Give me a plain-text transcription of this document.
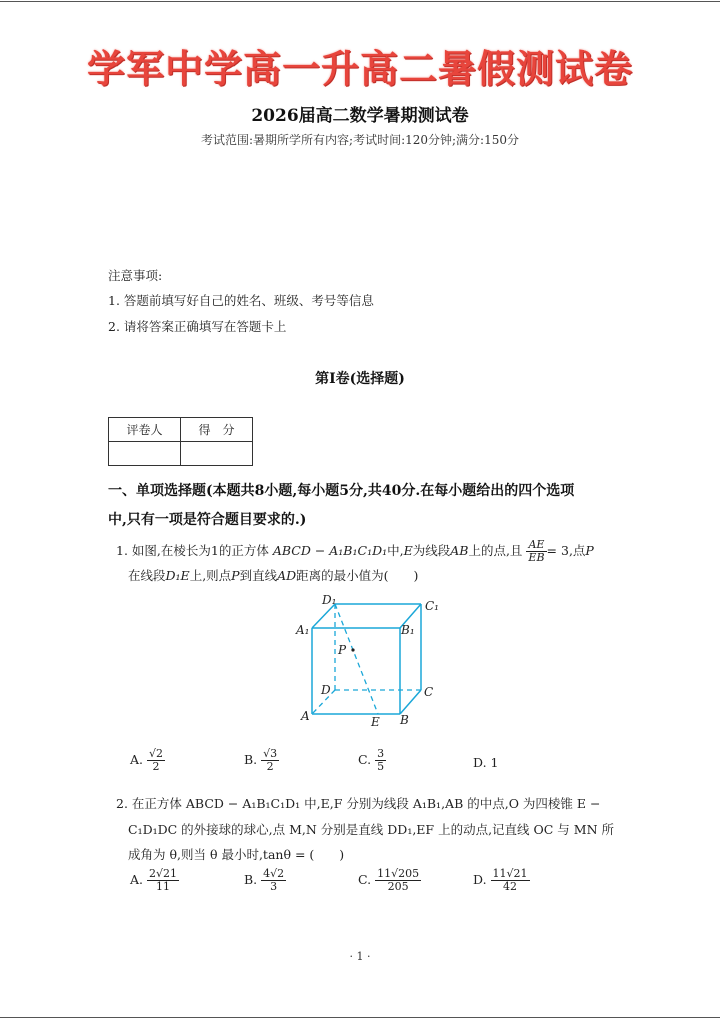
学军中学高一升高二暑假测试卷
2026届高二数学暑期测试卷
考试范围:暑期所学所有内容;考试时间:120分钟;满分:150分
注意事项:
1. 答题前填写好自己的姓名、班级、考号等信息
2. 请将答案正确填写在答题卡上
第Ⅰ卷(选择题)
评卷人	得　分

一、单项选择题(本题共8小题,每小题5分,共40分.在每小题给出的四个选项
中,只有一项是符合题目要求的.)
1. 如图,在棱长为1的正方体 ABCD − A₁B₁C₁D₁中,E为线段AB上的点,且 $\frac{AE}{EB} = 3$,点P
在线段D₁E上,则点P到直线AD距离的最小值为(　　)
D₁	C₁
A₁	B₁
P
D	C
A	E B
A. $\frac{√2}{2}$	B. $\frac{√3}{2}$	C. $\frac{3}{5}$	D. 1
2. 在正方体 ABCD − A₁B₁C₁D₁ 中,E,F 分别为线段 A₁B₁,AB 的中点,O 为四棱锥 E −
C₁D₁DC 的外接球的球心,点 M,N 分别是直线 DD₁,EF 上的动点,记直线 OC 与 MN 所
成角为 θ,则当 θ 最小时,tanθ = (　　)
A. $\frac{2√21}{11}$	B. $\frac{4√2}{3}$	C. $\frac{11√205}{205}$	D. $\frac{11√21}{42}$
· 1 ·
